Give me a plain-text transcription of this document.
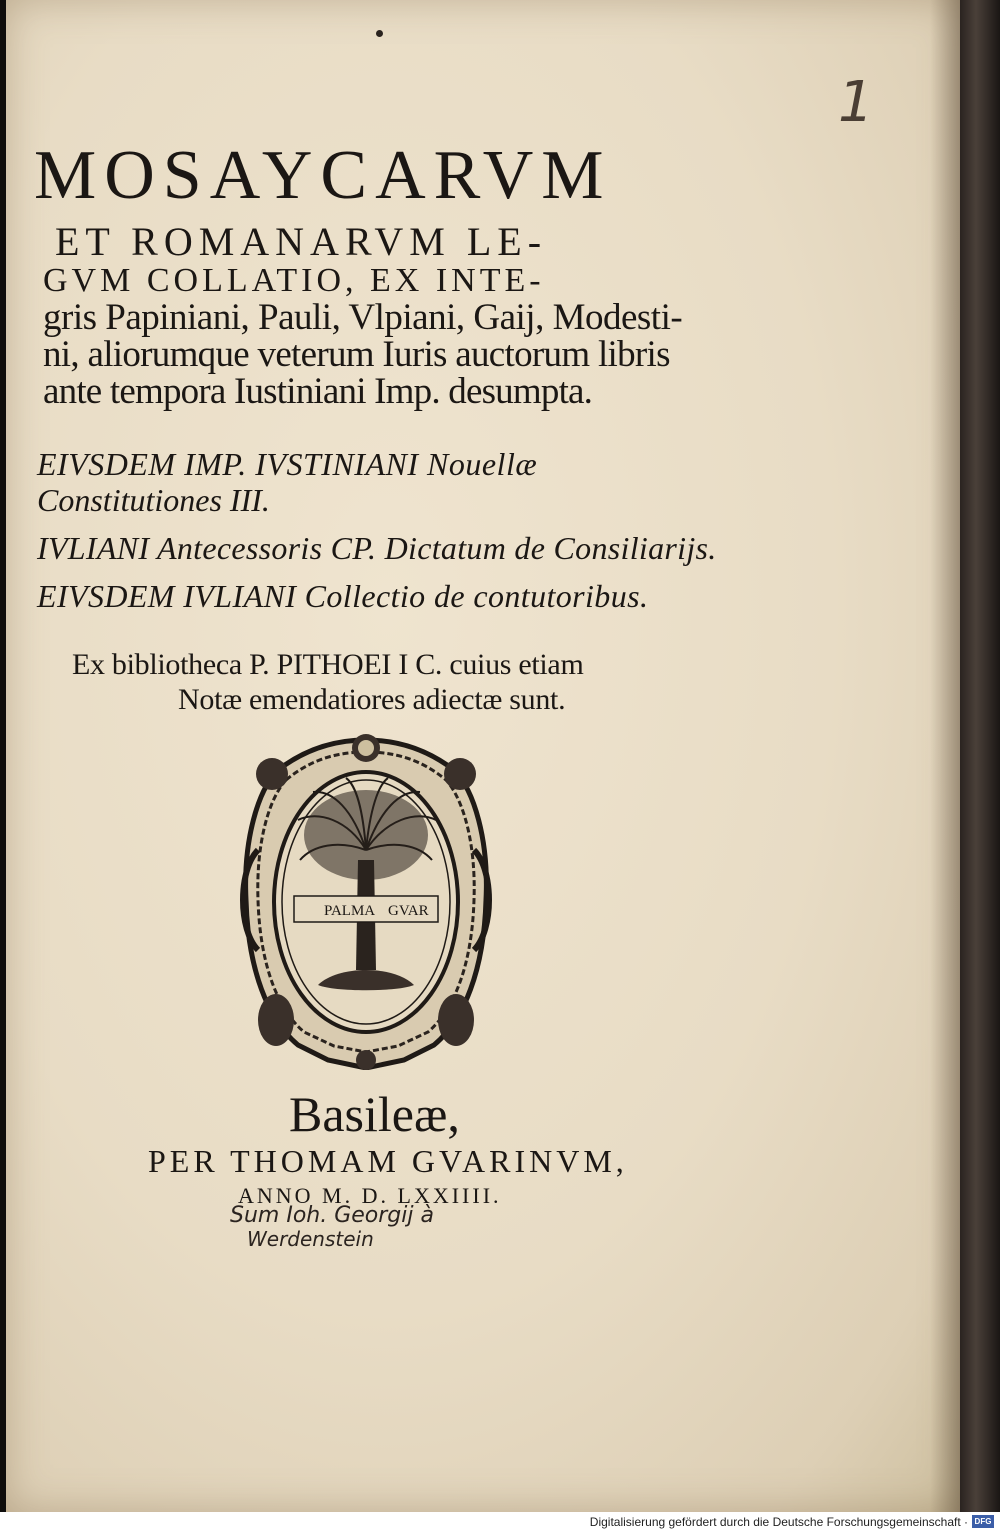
1
MOSAYCARVM
ET ROMANARVM LE-
GVM COLLATIO, EX INTE-
gris Papiniani, Pauli, Vlpiani, Gaij, Modesti-
ni, aliorumque veterum Iuris auctorum libris
ante tempora Iustiniani Imp. desumpta.
EIVSDEM IMP. IVSTINIANI Nouellæ
Constitutiones III.
IVLIANI Antecessoris CP. Dictatum de Consiliarijs.
EIVSDEM IVLIANI Collectio de contutoribus.
Ex bibliotheca P. PITHOEI I C. cuius etiam
Notæ emendatiores adiectæ sunt.
PALMA GVAR
Basileæ,
PER THOMAM GVARINVM,
ANNO M. D. LXXIIII.
Sum Ioh. Georgij à
Werdenstein
Digitalisierung gefördert durch die Deutsche Forschungsgemeinschaft · DFG
